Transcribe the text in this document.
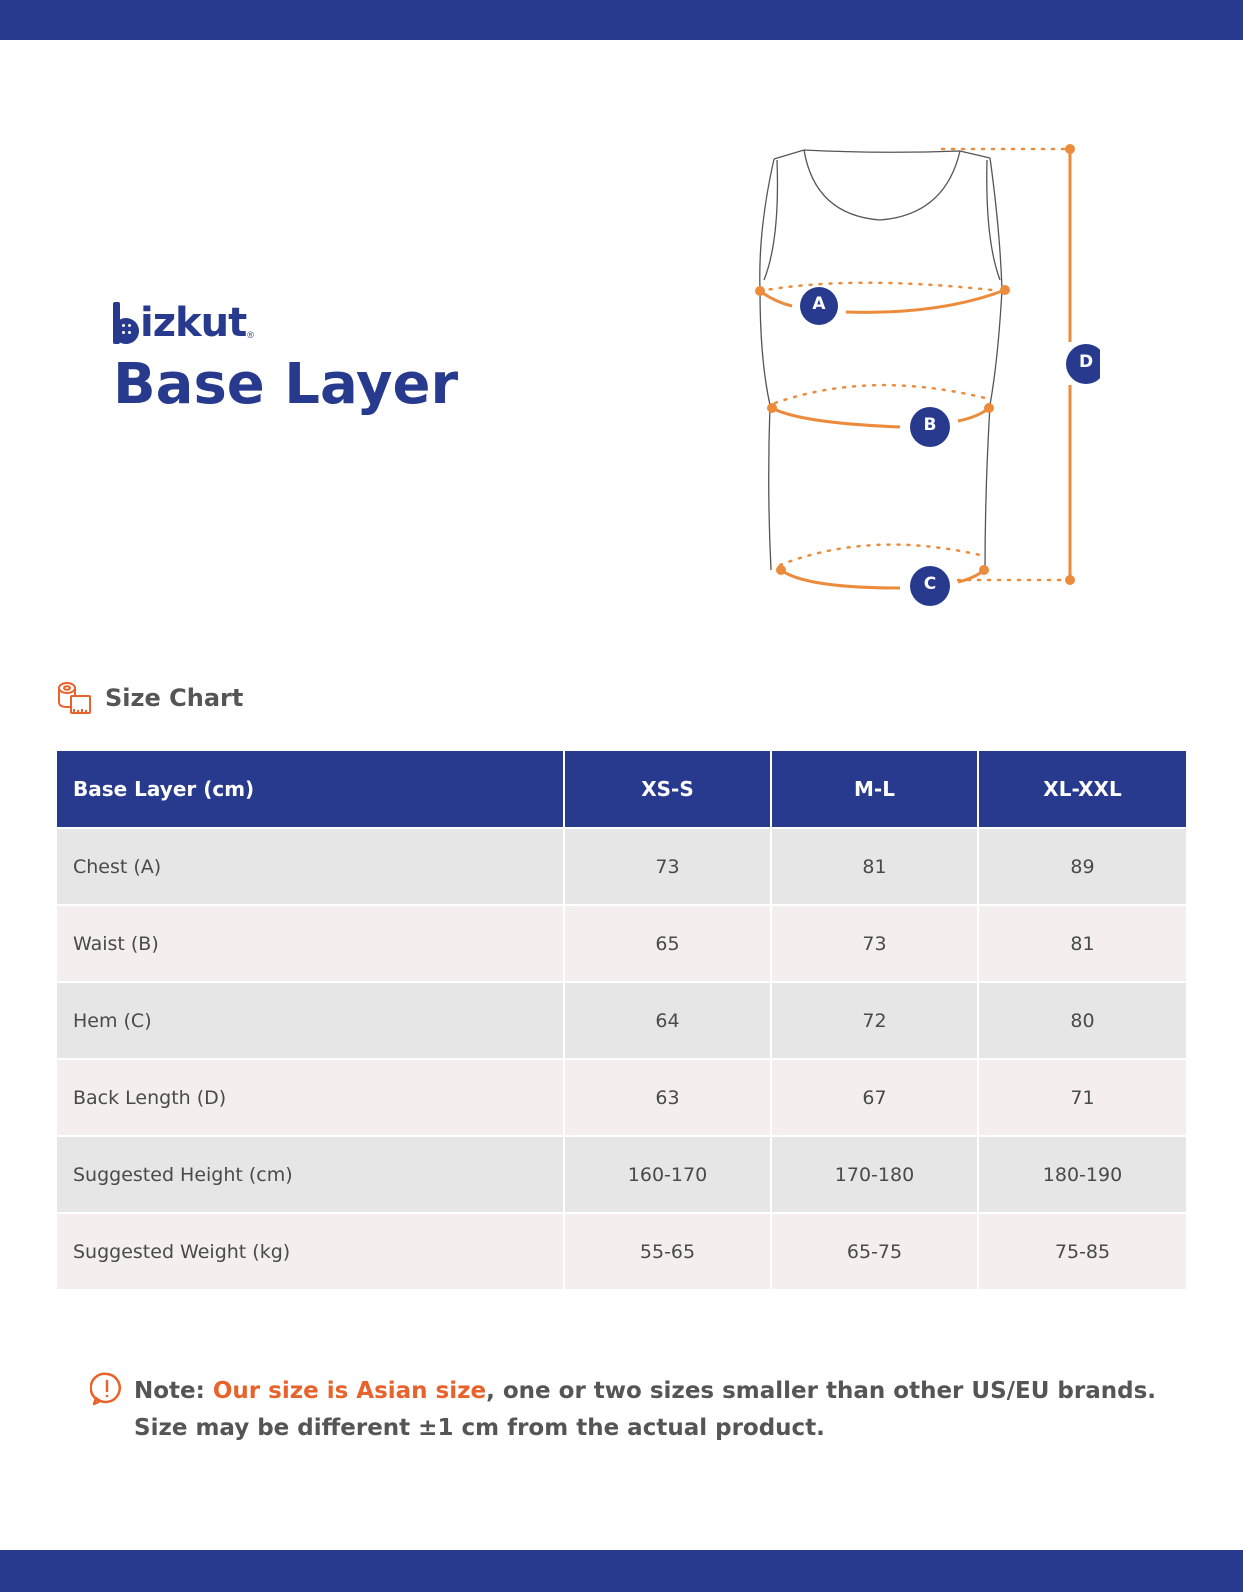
izkut ®
Base Layer
A
B
C
D
Size Chart
Base Layer (cm)	XS-S	M-L	XL-XXL
Chest (A)	73	81	89
Waist (B)	65	73	81
Hem (C)	64	72	80
Back Length (D)	63	67	71
Suggested Height (cm)	160-170	170-180	180-190
Suggested Weight (kg)	55-65	65-75	75-85
Note: Our size is Asian size, one or two sizes smaller than other US/EU brands.
Size may be different ±1 cm from the actual product.
